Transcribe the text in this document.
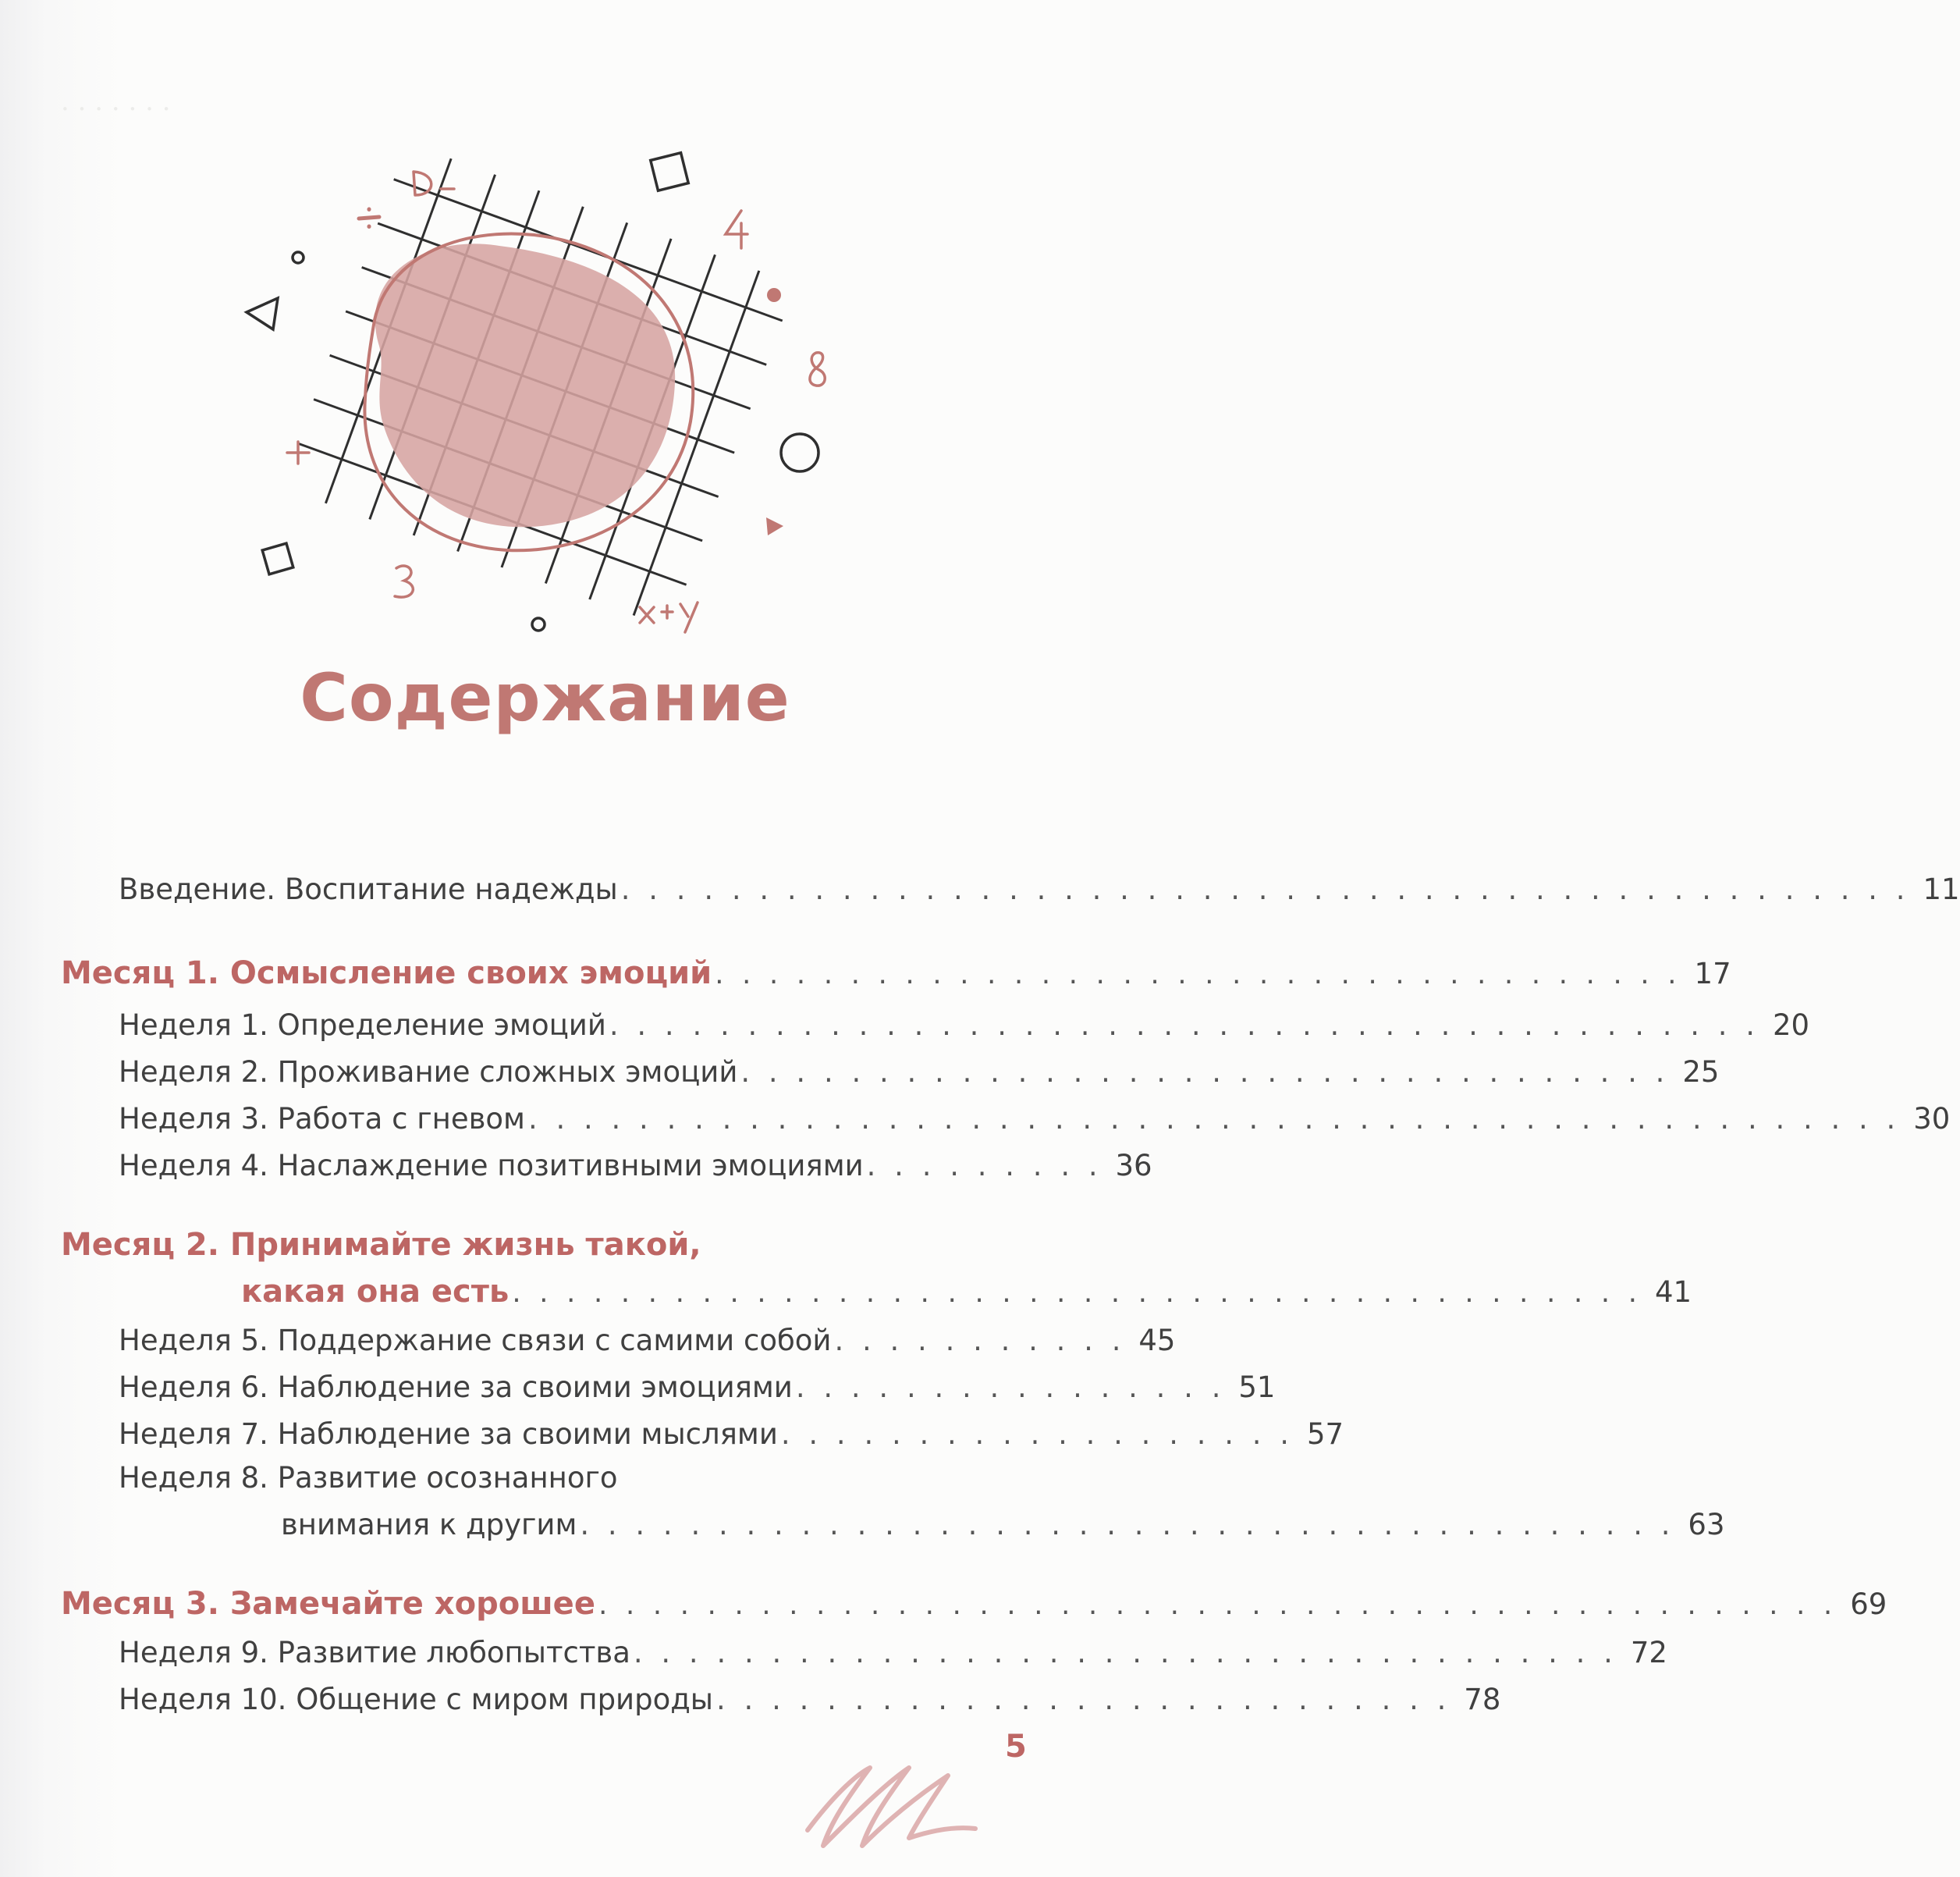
· · · · · · ·
Содержание
Введение. Воспитание надежды . . . . . . . . . . . . . . . . . . . . . . . . . . . . . . . . . . . . . . . . . . . . . . . 11
Месяц 1. Осмысление своих эмоций . . . . . . . . . . . . . . . . . . . . . . . . . . . . . . . . . . . . 17
Неделя 1. Определение эмоций . . . . . . . . . . . . . . . . . . . . . . . . . . . . . . . . . . . . . . . . . . 20
Неделя 2. Проживание сложных эмоций . . . . . . . . . . . . . . . . . . . . . . . . . . . . . . . . . . 25
Неделя 3. Работа с гневом . . . . . . . . . . . . . . . . . . . . . . . . . . . . . . . . . . . . . . . . . . . . . . . . . . 30
Неделя 4. Наслаждение позитивными эмоциями . . . . . . . . . 36
Месяц 2. Принимайте жизнь такой,
какая она есть . . . . . . . . . . . . . . . . . . . . . . . . . . . . . . . . . . . . . . . . . . 41
Неделя 5. Поддержание связи с самими собой . . . . . . . . . . . 45
Неделя 6. Наблюдение за своими эмоциями . . . . . . . . . . . . . . . . 51
Неделя 7. Наблюдение за своими мыслями . . . . . . . . . . . . . . . . . . . 57
Неделя 8. Развитие осознанного
внимания к другим . . . . . . . . . . . . . . . . . . . . . . . . . . . . . . . . . . . . . . . . 63
Месяц 3. Замечайте хорошее . . . . . . . . . . . . . . . . . . . . . . . . . . . . . . . . . . . . . . . . . . . . . . 69
Неделя 9. Развитие любопытства . . . . . . . . . . . . . . . . . . . . . . . . . . . . . . . . . . . . 72
Неделя 10. Общение с миром природы . . . . . . . . . . . . . . . . . . . . . . . . . . . 78
5
